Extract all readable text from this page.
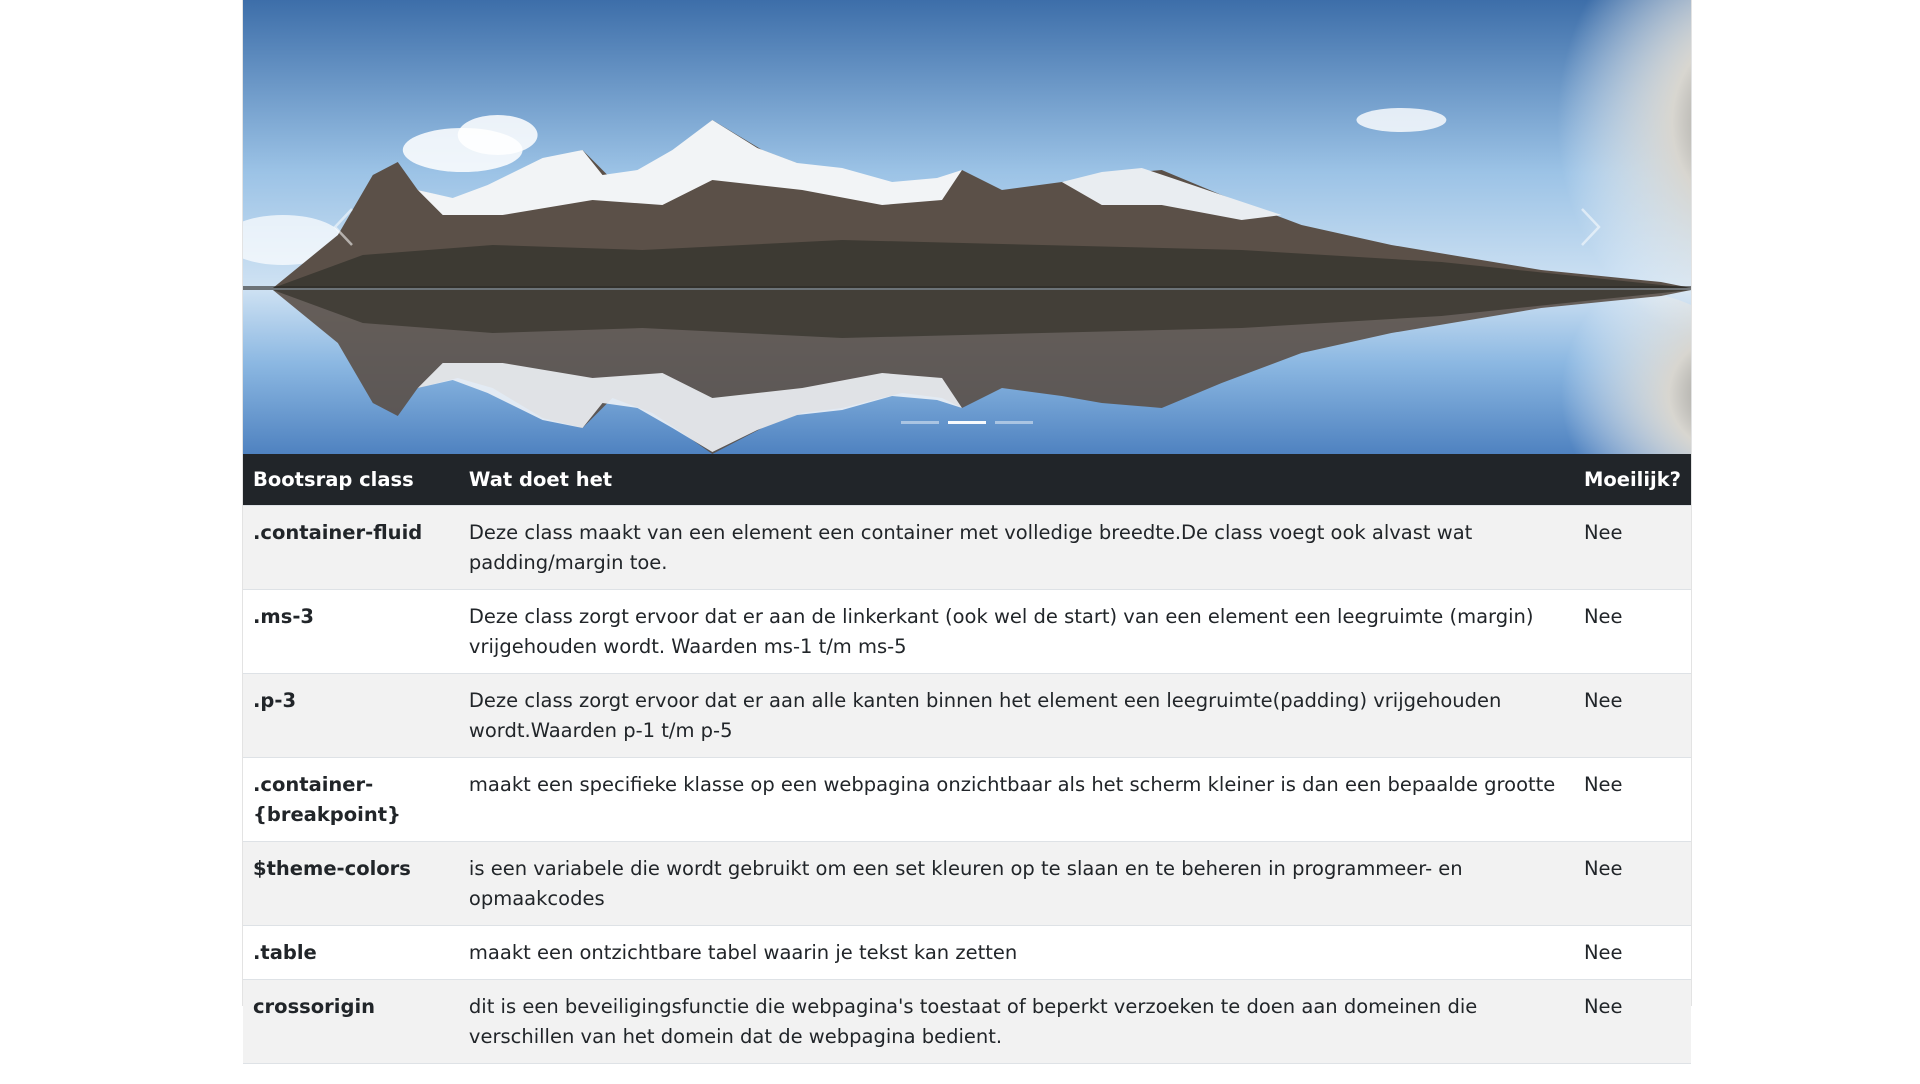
Bootsrap class	Wat doet het	Moeilijk?
.container-fluid	Deze class maakt van een element een container met volledige breedte.De class voegt ook alvast wat padding/margin toe.	Nee
.ms-3	Deze class zorgt ervoor dat er aan de linkerkant (ook wel de start) van een element een leegruimte (margin) vrijgehouden wordt. Waarden ms-1 t/m ms-5	Nee
.p-3	Deze class zorgt ervoor dat er aan alle kanten binnen het element een leegruimte(padding) vrijgehouden wordt.Waarden p-1 t/m p-5	Nee
.container-{breakpoint}	maakt een specifieke klasse op een webpagina onzichtbaar als het scherm kleiner is dan een bepaalde grootte	Nee
$theme-colors	is een variabele die wordt gebruikt om een set kleuren op te slaan en te beheren in programmeer- en opmaakcodes	Nee
.table	maakt een ontzichtbare tabel waarin je tekst kan zetten	Nee
crossorigin	dit is een beveiligingsfunctie die webpagina's toestaat of beperkt verzoeken te doen aan domeinen die verschillen van het domein dat de webpagina bedient.	Nee
